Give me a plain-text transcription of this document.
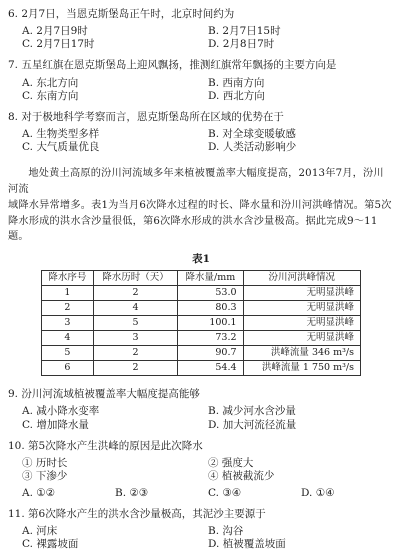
6. 2月7日，当恩克斯堡岛正午时，北京时间约为
A. 2月7日9时	B. 2月7日15时
C. 2月7日17时	D. 2月8日7时
7. 五星红旗在恩克斯堡岛上迎风飘扬，推测红旗常年飘扬的主要方向是
A. 东北方向	B. 西南方向
C. 东南方向	D. 西北方向
8. 对于极地科学考察而言，恩克斯堡岛所在区域的优势在于
A. 生物类型多样	B. 对全球变暖敏感
C. 大气质量优良	D. 人类活动影响少

地处黄土高原的汾川河流域多年来植被覆盖率大幅度提高，2013年7月，汾川河流

域降水异常增多。表1为当月6次降水过程的时长、降水量和汾川河洪峰情况。第5次

降水形成的洪水含沙量很低，第6次降水形成的洪水含沙量极高。据此完成9～11题。

表1
降水序号	降水历时（天）	降水量/mm	汾川河洪峰情况
1	2	53.0	无明显洪峰
2	4	80.3	无明显洪峰
3	5	100.1	无明显洪峰
4	3	73.2	无明显洪峰
5	2	90.7	洪峰流量 346 m³/s
6	2	54.4	洪峰流量 1 750 m³/s
9. 汾川河流域植被覆盖率大幅度提高能够
A. 减小降水变率	B. 减少河水含沙量
C. 增加降水量	D. 加大河流径流量
10. 第5次降水产生洪峰的原因是此次降水
① 历时长	② 强度大
③ 下渗少	④ 植被截流少
A. ①②	B. ②③	C. ③④	D. ①④
11. 第6次降水产生的洪水含沙量极高，其泥沙主要源于
A. 河床	B. 沟谷
C. 裸露坡面	D. 植被覆盖坡面
